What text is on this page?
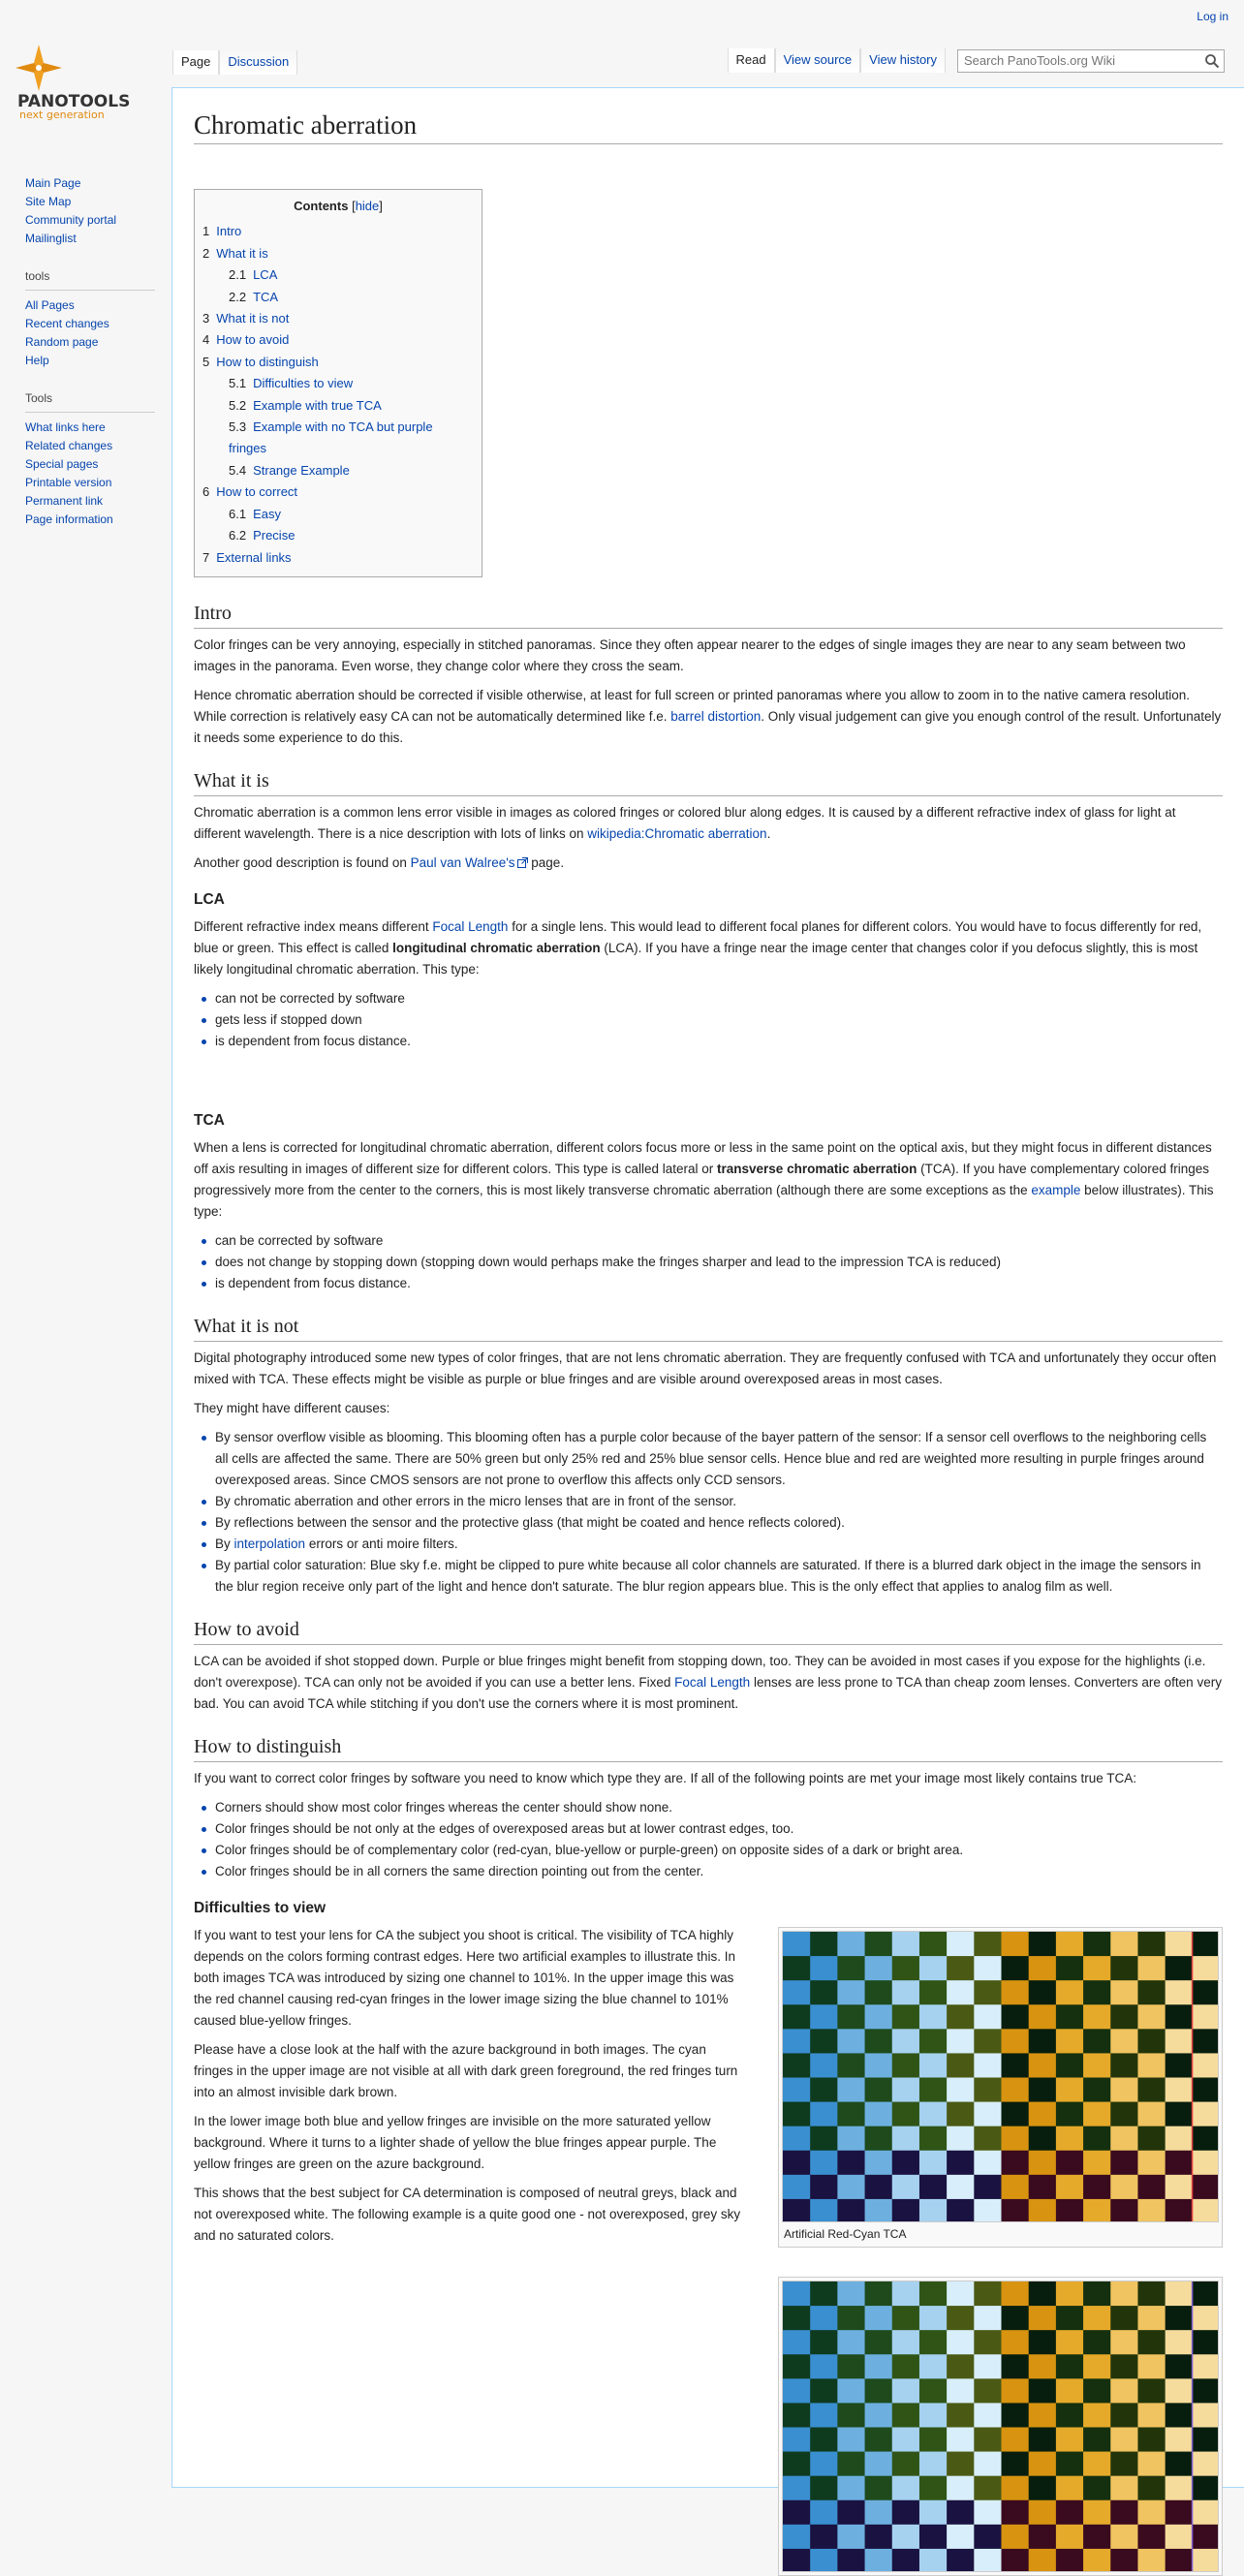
Log in
PANOTOOLS
next generation
Page	Discussion	Read	View source	View history
Search PanoTools.org Wiki
Main Page
Site Map
Community portal
Mailinglist
tools
All Pages
Recent changes
Random page
Help
Tools
What links here
Related changes
Special pages
Printable version
Permanent link
Page information
Chromatic aberration
Contents [hide]
1 Intro
2 What it is
2.1 LCA
2.2 TCA
3 What it is not
4 How to avoid
5 How to distinguish
5.1 Difficulties to view
5.2 Example with true TCA
5.3 Example with no TCA but purple fringes
5.4 Strange Example
6 How to correct
6.1 Easy
6.2 Precise
7 External links
Intro

Color fringes can be very annoying, especially in stitched panoramas. Since they often appear nearer to the edges of single images they are near to any seam between two images in the panorama. Even worse, they change color where they cross the seam.

Hence chromatic aberration should be corrected if visible otherwise, at least for full screen or printed panoramas where you allow to zoom in to the native camera resolution. While correction is relatively easy CA can not be automatically determined like f.e. barrel distortion. Only visual judgement can give you enough control of the result. Unfortunately it needs some experience to do this.

What it is

Chromatic aberration is a common lens error visible in images as colored fringes or colored blur along edges. It is caused by a different refractive index of glass for light at different wavelength. There is a nice description with lots of links on wikipedia:Chromatic aberration.

Another good description is found on Paul van Walree's page.

LCA

Different refractive index means different Focal Length for a single lens. This would lead to different focal planes for different colors. You would have to focus differently for red, blue or green. This effect is called longitudinal chromatic aberration (LCA). If you have a fringe near the image center that changes color if you defocus slightly, this is most likely longitudinal chromatic aberration. This type:

can not be corrected by software
gets less if stopped down
is dependent from focus distance.
TCA

When a lens is corrected for longitudinal chromatic aberration, different colors focus more or less in the same point on the optical axis, but they might focus in different distances off axis resulting in images of different size for different colors. This type is called lateral or transverse chromatic aberration (TCA). If you have complementary colored fringes progressively more from the center to the corners, this is most likely transverse chromatic aberration (although there are some exceptions as the example below illustrates). This type:

can be corrected by software
does not change by stopping down (stopping down would perhaps make the fringes sharper and lead to the impression TCA is reduced)
is dependent from focus distance.
What it is not

Digital photography introduced some new types of color fringes, that are not lens chromatic aberration. They are frequently confused with TCA and unfortunately they occur often mixed with TCA. These effects might be visible as purple or blue fringes and are visible around overexposed areas in most cases.

They might have different causes:

By sensor overflow visible as blooming. This blooming often has a purple color because of the bayer pattern of the sensor: If a sensor cell overflows to the neighboring cells all cells are affected the same. There are 50% green but only 25% red and 25% blue sensor cells. Hence blue and red are weighted more resulting in purple fringes around overexposed areas. Since CMOS sensors are not prone to overflow this affects only CCD sensors.
By chromatic aberration and other errors in the micro lenses that are in front of the sensor.
By reflections between the sensor and the protective glass (that might be coated and hence reflects colored).
By interpolation errors or anti moire filters.
By partial color saturation: Blue sky f.e. might be clipped to pure white because all color channels are saturated. If there is a blurred dark object in the image the sensors in the blur region receive only part of the light and hence don't saturate. The blur region appears blue. This is the only effect that applies to analog film as well.
How to avoid

LCA can be avoided if shot stopped down. Purple or blue fringes might benefit from stopping down, too. They can be avoided in most cases if you expose for the highlights (i.e. don't overexpose). TCA can only not be avoided if you can use a better lens. Fixed Focal Length lenses are less prone to TCA than cheap zoom lenses. Converters are often very bad. You can avoid TCA while stitching if you don't use the corners where it is most prominent.

How to distinguish

If you want to correct color fringes by software you need to know which type they are. If all of the following points are met your image most likely contains true TCA:

Corners should show most color fringes whereas the center should show none.
Color fringes should be not only at the edges of overexposed areas but at lower contrast edges, too.
Color fringes should be of complementary color (red-cyan, blue-yellow or purple-green) on opposite sides of a dark or bright area.
Color fringes should be in all corners the same direction pointing out from the center.
Difficulties to view
Artificial Red-Cyan TCA

If you want to test your lens for CA the subject you shoot is critical. The visibility of TCA highly depends on the colors forming contrast edges. Here two artificial examples to illustrate this. In both images TCA was introduced by sizing one channel to 101%. In the upper image this was the red channel causing red-cyan fringes in the lower image sizing the blue channel to 101% caused blue-yellow fringes.

Please have a close look at the half with the azure background in both images. The cyan fringes in the upper image are not visible at all with dark green foreground, the red fringes turn into an almost invisible dark brown.

In the lower image both blue and yellow fringes are invisible on the more saturated yellow background. Where it turns to a lighter shade of yellow the blue fringes appear purple. The yellow fringes are green on the azure background.

This shows that the best subject for CA determination is composed of neutral greys, black and not overexposed white. The following example is a quite good one - not overexposed, grey sky and no saturated colors.
